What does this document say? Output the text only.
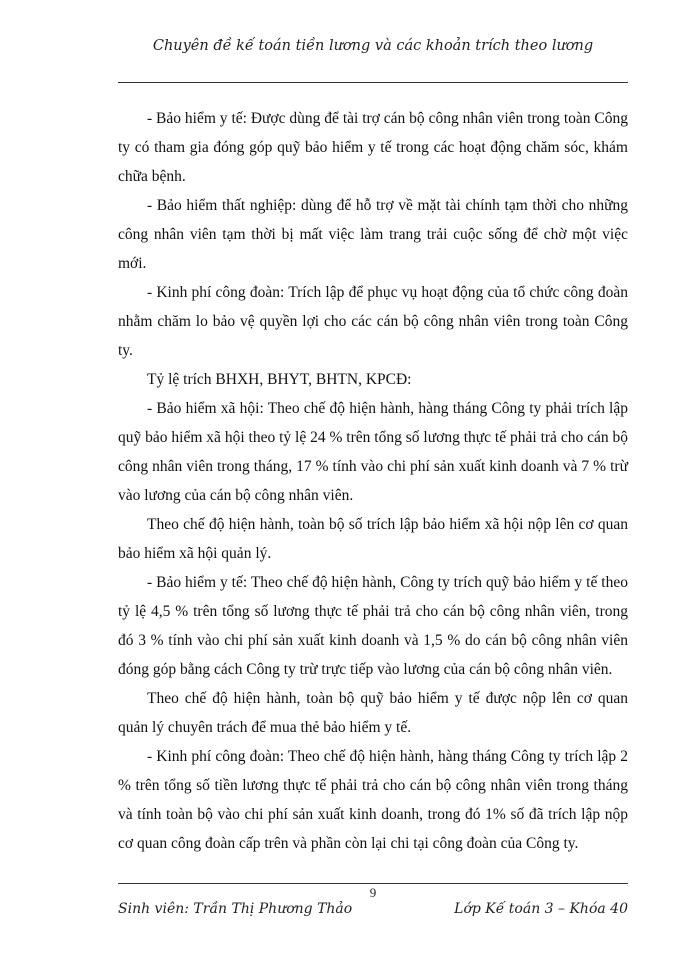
Chuyên đề kế toán tiền lương và các khoản trích theo lương

- Bảo hiểm y tế: Được dùng để tài trợ cán bộ công nhân viên trong toàn Công ty có tham gia đóng góp quỹ bảo hiểm y tế trong các hoạt động chăm sóc, khám chữa bệnh.

- Bảo hiểm thất nghiệp: dùng để hỗ trợ về mặt tài chính tạm thời cho những công nhân viên tạm thời bị mất việc làm trang trải cuộc sống để chờ một việc mới.

- Kinh phí công đoàn: Trích lập để phục vụ hoạt động của tổ chức công đoàn nhằm chăm lo bảo vệ quyền lợi cho các cán bộ công nhân viên trong toàn Công ty.

Tỷ lệ trích BHXH, BHYT, BHTN, KPCĐ:

- Bảo hiểm xã hội: Theo chế độ hiện hành, hàng tháng Công ty phải trích lập quỹ bảo hiểm xã hội theo tỷ lệ 24 % trên tổng số lương thực tế phải trả cho cán bộ công nhân viên trong tháng, 17 % tính vào chi phí sản xuất kinh doanh và 7 % trừ vào lương của cán bộ công nhân viên.

Theo chế độ hiện hành, toàn bộ số trích lập bảo hiểm xã hội nộp lên cơ quan bảo hiểm xã hội quản lý.

- Bảo hiểm y tế: Theo chế độ hiện hành, Công ty trích quỹ bảo hiểm y tế theo tỷ lệ 4,5 % trên tổng số lương thực tế phải trả cho cán bộ công nhân viên, trong đó 3 % tính vào chi phí sản xuất kinh doanh và 1,5 % do cán bộ công nhân viên đóng góp bằng cách Công ty trừ trực tiếp vào lương của cán bộ công nhân viên.

Theo chế độ hiện hành, toàn bộ quỹ bảo hiểm y tế được nộp lên cơ quan quản lý chuyên trách để mua thẻ bảo hiểm y tế.

- Kinh phí công đoàn: Theo chế độ hiện hành, hàng tháng Công ty trích lập 2 % trên tổng số tiền lương thực tế phải trả cho cán bộ công nhân viên trong tháng và tính toàn bộ vào chi phí sản xuất kinh doanh, trong đó 1% số đã trích lập nộp cơ quan công đoàn cấp trên và phần còn lại chi tại công đoàn của Công ty.

9
Sinh viên: Trần Thị Phương Thảo	Lớp Kế toán 3 – Khóa 40
